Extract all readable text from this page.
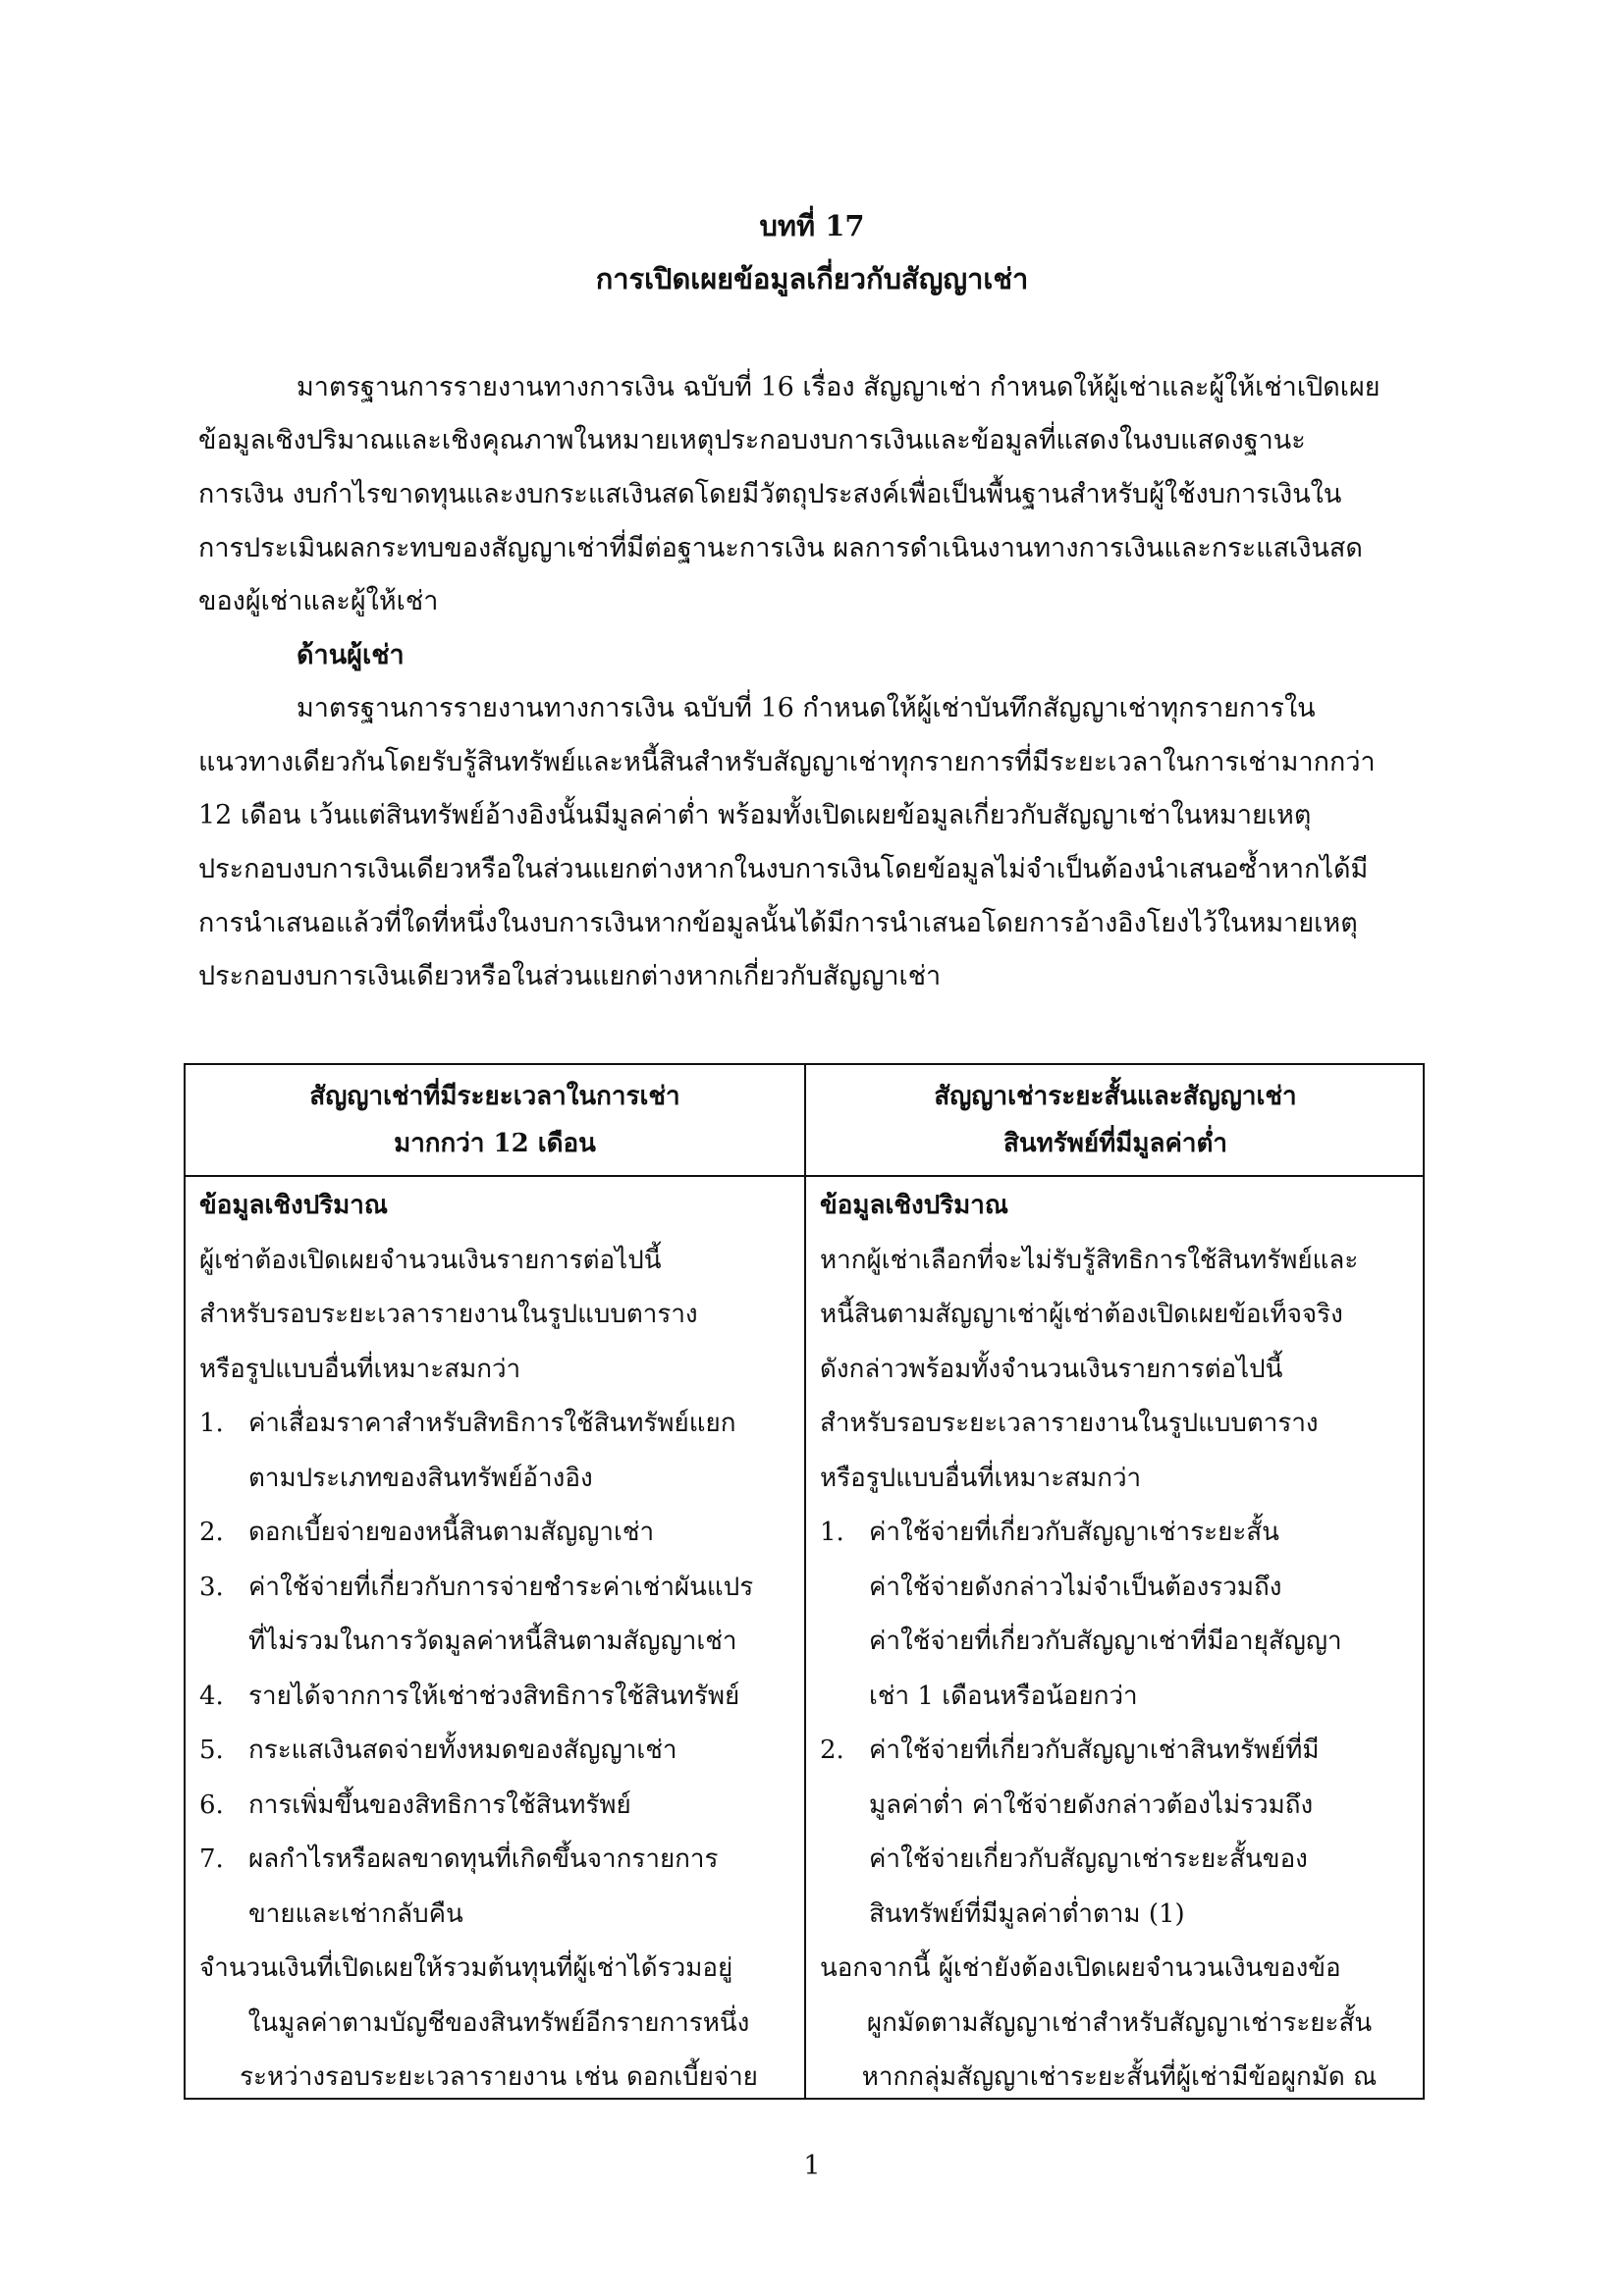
บทที่ 17

การเปิดเผยข้อมูลเกี่ยวกับสัญญาเช่า

มาตรฐานการรายงานทางการเงิน ฉบับที่ 16 เรื่อง สัญญาเช่า กำหนดให้ผู้เช่าและผู้ให้เช่าเปิดเผย

ข้อมูลเชิงปริมาณและเชิงคุณภาพในหมายเหตุประกอบงบการเงินและข้อมูลที่แสดงในงบแสดงฐานะ

การเงิน งบกำไรขาดทุนและงบกระแสเงินสดโดยมีวัตถุประสงค์เพื่อเป็นพื้นฐานสำหรับผู้ใช้งบการเงินใน

การประเมินผลกระทบของสัญญาเช่าที่มีต่อฐานะการเงิน ผลการดำเนินงานทางการเงินและกระแสเงินสด

ของผู้เช่าและผู้ให้เช่า

ด้านผู้เช่า

มาตรฐานการรายงานทางการเงิน ฉบับที่ 16 กำหนดให้ผู้เช่าบันทึกสัญญาเช่าทุกรายการใน

แนวทางเดียวกันโดยรับรู้สินทรัพย์และหนี้สินสำหรับสัญญาเช่าทุกรายการที่มีระยะเวลาในการเช่ามากกว่า

12 เดือน เว้นแต่สินทรัพย์อ้างอิงนั้นมีมูลค่าต่ำ พร้อมทั้งเปิดเผยข้อมูลเกี่ยวกับสัญญาเช่าในหมายเหตุ

ประกอบงบการเงินเดียวหรือในส่วนแยกต่างหากในงบการเงินโดยข้อมูลไม่จำเป็นต้องนำเสนอซ้ำหากได้มี

การนำเสนอแล้วที่ใดที่หนึ่งในงบการเงินหากข้อมูลนั้นได้มีการนำเสนอโดยการอ้างอิงโยงไว้ในหมายเหตุ

ประกอบงบการเงินเดียวหรือในส่วนแยกต่างหากเกี่ยวกับสัญญาเช่า

สัญญาเช่าที่มีระยะเวลาในการเช่า
มากกว่า 12 เดือน
สัญญาเช่าระยะสั้นและสัญญาเช่า
สินทรัพย์ที่มีมูลค่าต่ำ

ข้อมูลเชิงปริมาณ

ผู้เช่าต้องเปิดเผยจำนวนเงินรายการต่อไปนี้

สำหรับรอบระยะเวลารายงานในรูปแบบตาราง

หรือรูปแบบอื่นที่เหมาะสมกว่า

1. ค่าเสื่อมราคาสำหรับสิทธิการใช้สินทรัพย์แยก

ตามประเภทของสินทรัพย์อ้างอิง

2. ดอกเบี้ยจ่ายของหนี้สินตามสัญญาเช่า

3. ค่าใช้จ่ายที่เกี่ยวกับการจ่ายชำระค่าเช่าผันแปร

ที่ไม่รวมในการวัดมูลค่าหนี้สินตามสัญญาเช่า

4. รายได้จากการให้เช่าช่วงสิทธิการใช้สินทรัพย์

5. กระแสเงินสดจ่ายทั้งหมดของสัญญาเช่า

6. การเพิ่มขึ้นของสิทธิการใช้สินทรัพย์

7. ผลกำไรหรือผลขาดทุนที่เกิดขึ้นจากรายการ

ขายและเช่ากลับคืน

จำนวนเงินที่เปิดเผยให้รวมต้นทุนที่ผู้เช่าได้รวมอยู่

ในมูลค่าตามบัญชีของสินทรัพย์อีกรายการหนึ่ง

ระหว่างรอบระยะเวลารายงาน เช่น ดอกเบี้ยจ่าย

ข้อมูลเชิงปริมาณ

หากผู้เช่าเลือกที่จะไม่รับรู้สิทธิการใช้สินทรัพย์และ

หนี้สินตามสัญญาเช่าผู้เช่าต้องเปิดเผยข้อเท็จจริง

ดังกล่าวพร้อมทั้งจำนวนเงินรายการต่อไปนี้

สำหรับรอบระยะเวลารายงานในรูปแบบตาราง

หรือรูปแบบอื่นที่เหมาะสมกว่า

1. ค่าใช้จ่ายที่เกี่ยวกับสัญญาเช่าระยะสั้น

ค่าใช้จ่ายดังกล่าวไม่จำเป็นต้องรวมถึง

ค่าใช้จ่ายที่เกี่ยวกับสัญญาเช่าที่มีอายุสัญญา

เช่า 1 เดือนหรือน้อยกว่า

2. ค่าใช้จ่ายที่เกี่ยวกับสัญญาเช่าสินทรัพย์ที่มี

มูลค่าต่ำ ค่าใช้จ่ายดังกล่าวต้องไม่รวมถึง

ค่าใช้จ่ายเกี่ยวกับสัญญาเช่าระยะสั้นของ

สินทรัพย์ที่มีมูลค่าต่ำตาม (1)

นอกจากนี้ ผู้เช่ายังต้องเปิดเผยจำนวนเงินของข้อ

ผูกมัดตามสัญญาเช่าสำหรับสัญญาเช่าระยะสั้น

หากกลุ่มสัญญาเช่าระยะสั้นที่ผู้เช่ามีข้อผูกมัด ณ

1
